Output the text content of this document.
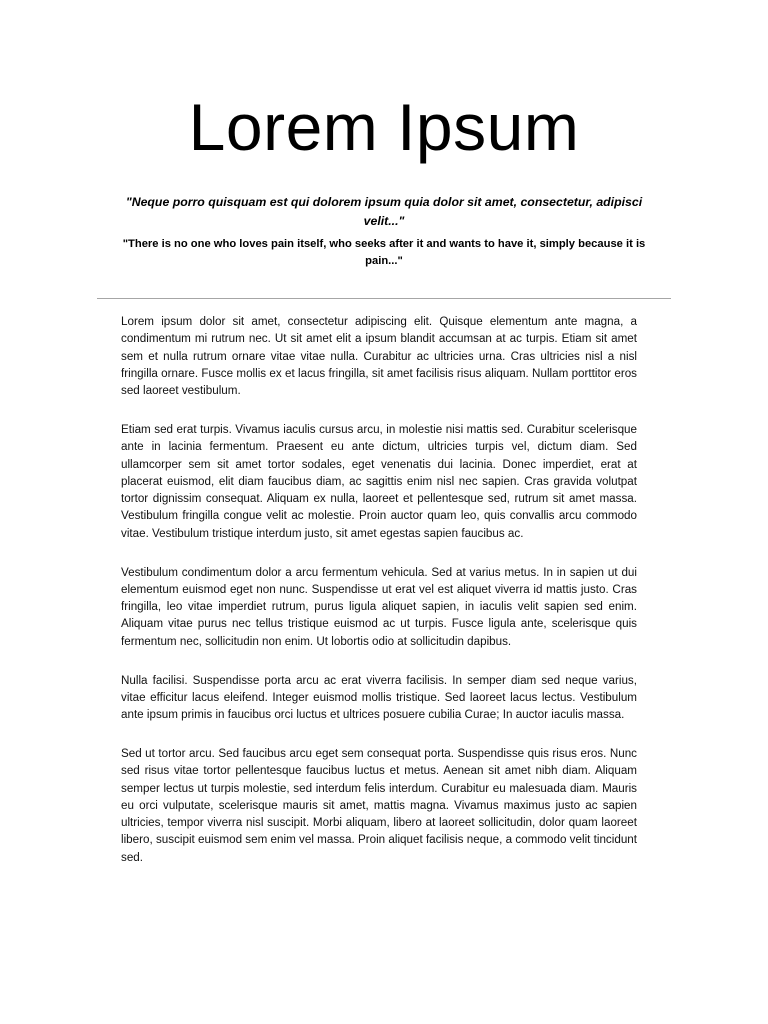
Lorem Ipsum
"Neque porro quisquam est qui dolorem ipsum quia dolor sit amet, consectetur, adipisci velit..."
"There is no one who loves pain itself, who seeks after it and wants to have it, simply because it is pain..."

Lorem ipsum dolor sit amet, consectetur adipiscing elit. Quisque elementum ante magna, a condimentum mi rutrum nec. Ut sit amet elit a ipsum blandit accumsan at ac turpis. Etiam sit amet sem et nulla rutrum ornare vitae vitae nulla. Curabitur ac ultricies urna. Cras ultricies nisl a nisl fringilla ornare. Fusce mollis ex et lacus fringilla, sit amet facilisis risus aliquam. Nullam porttitor eros sed laoreet vestibulum.

Etiam sed erat turpis. Vivamus iaculis cursus arcu, in molestie nisi mattis sed. Curabitur scelerisque ante in lacinia fermentum. Praesent eu ante dictum, ultricies turpis vel, dictum diam. Sed ullamcorper sem sit amet tortor sodales, eget venenatis dui lacinia. Donec imperdiet, erat at placerat euismod, elit diam faucibus diam, ac sagittis enim nisl nec sapien. Cras gravida volutpat tortor dignissim consequat. Aliquam ex nulla, laoreet et pellentesque sed, rutrum sit amet massa. Vestibulum fringilla congue velit ac molestie. Proin auctor quam leo, quis convallis arcu commodo vitae. Vestibulum tristique interdum justo, sit amet egestas sapien faucibus ac.

Vestibulum condimentum dolor a arcu fermentum vehicula. Sed at varius metus. In in sapien ut dui elementum euismod eget non nunc. Suspendisse ut erat vel est aliquet viverra id mattis justo. Cras fringilla, leo vitae imperdiet rutrum, purus ligula aliquet sapien, in iaculis velit sapien sed enim. Aliquam vitae purus nec tellus tristique euismod ac ut turpis. Fusce ligula ante, scelerisque quis fermentum nec, sollicitudin non enim. Ut lobortis odio at sollicitudin dapibus.

Nulla facilisi. Suspendisse porta arcu ac erat viverra facilisis. In semper diam sed neque varius, vitae efficitur lacus eleifend. Integer euismod mollis tristique. Sed laoreet lacus lectus. Vestibulum ante ipsum primis in faucibus orci luctus et ultrices posuere cubilia Curae; In auctor iaculis massa.

Sed ut tortor arcu. Sed faucibus arcu eget sem consequat porta. Suspendisse quis risus eros. Nunc sed risus vitae tortor pellentesque faucibus luctus et metus. Aenean sit amet nibh diam. Aliquam semper lectus ut turpis molestie, sed interdum felis interdum. Curabitur eu malesuada diam. Mauris eu orci vulputate, scelerisque mauris sit amet, mattis magna. Vivamus maximus justo ac sapien ultricies, tempor viverra nisl suscipit. Morbi aliquam, libero at laoreet sollicitudin, dolor quam laoreet libero, suscipit euismod sem enim vel massa. Proin aliquet facilisis neque, a commodo velit tincidunt sed.
